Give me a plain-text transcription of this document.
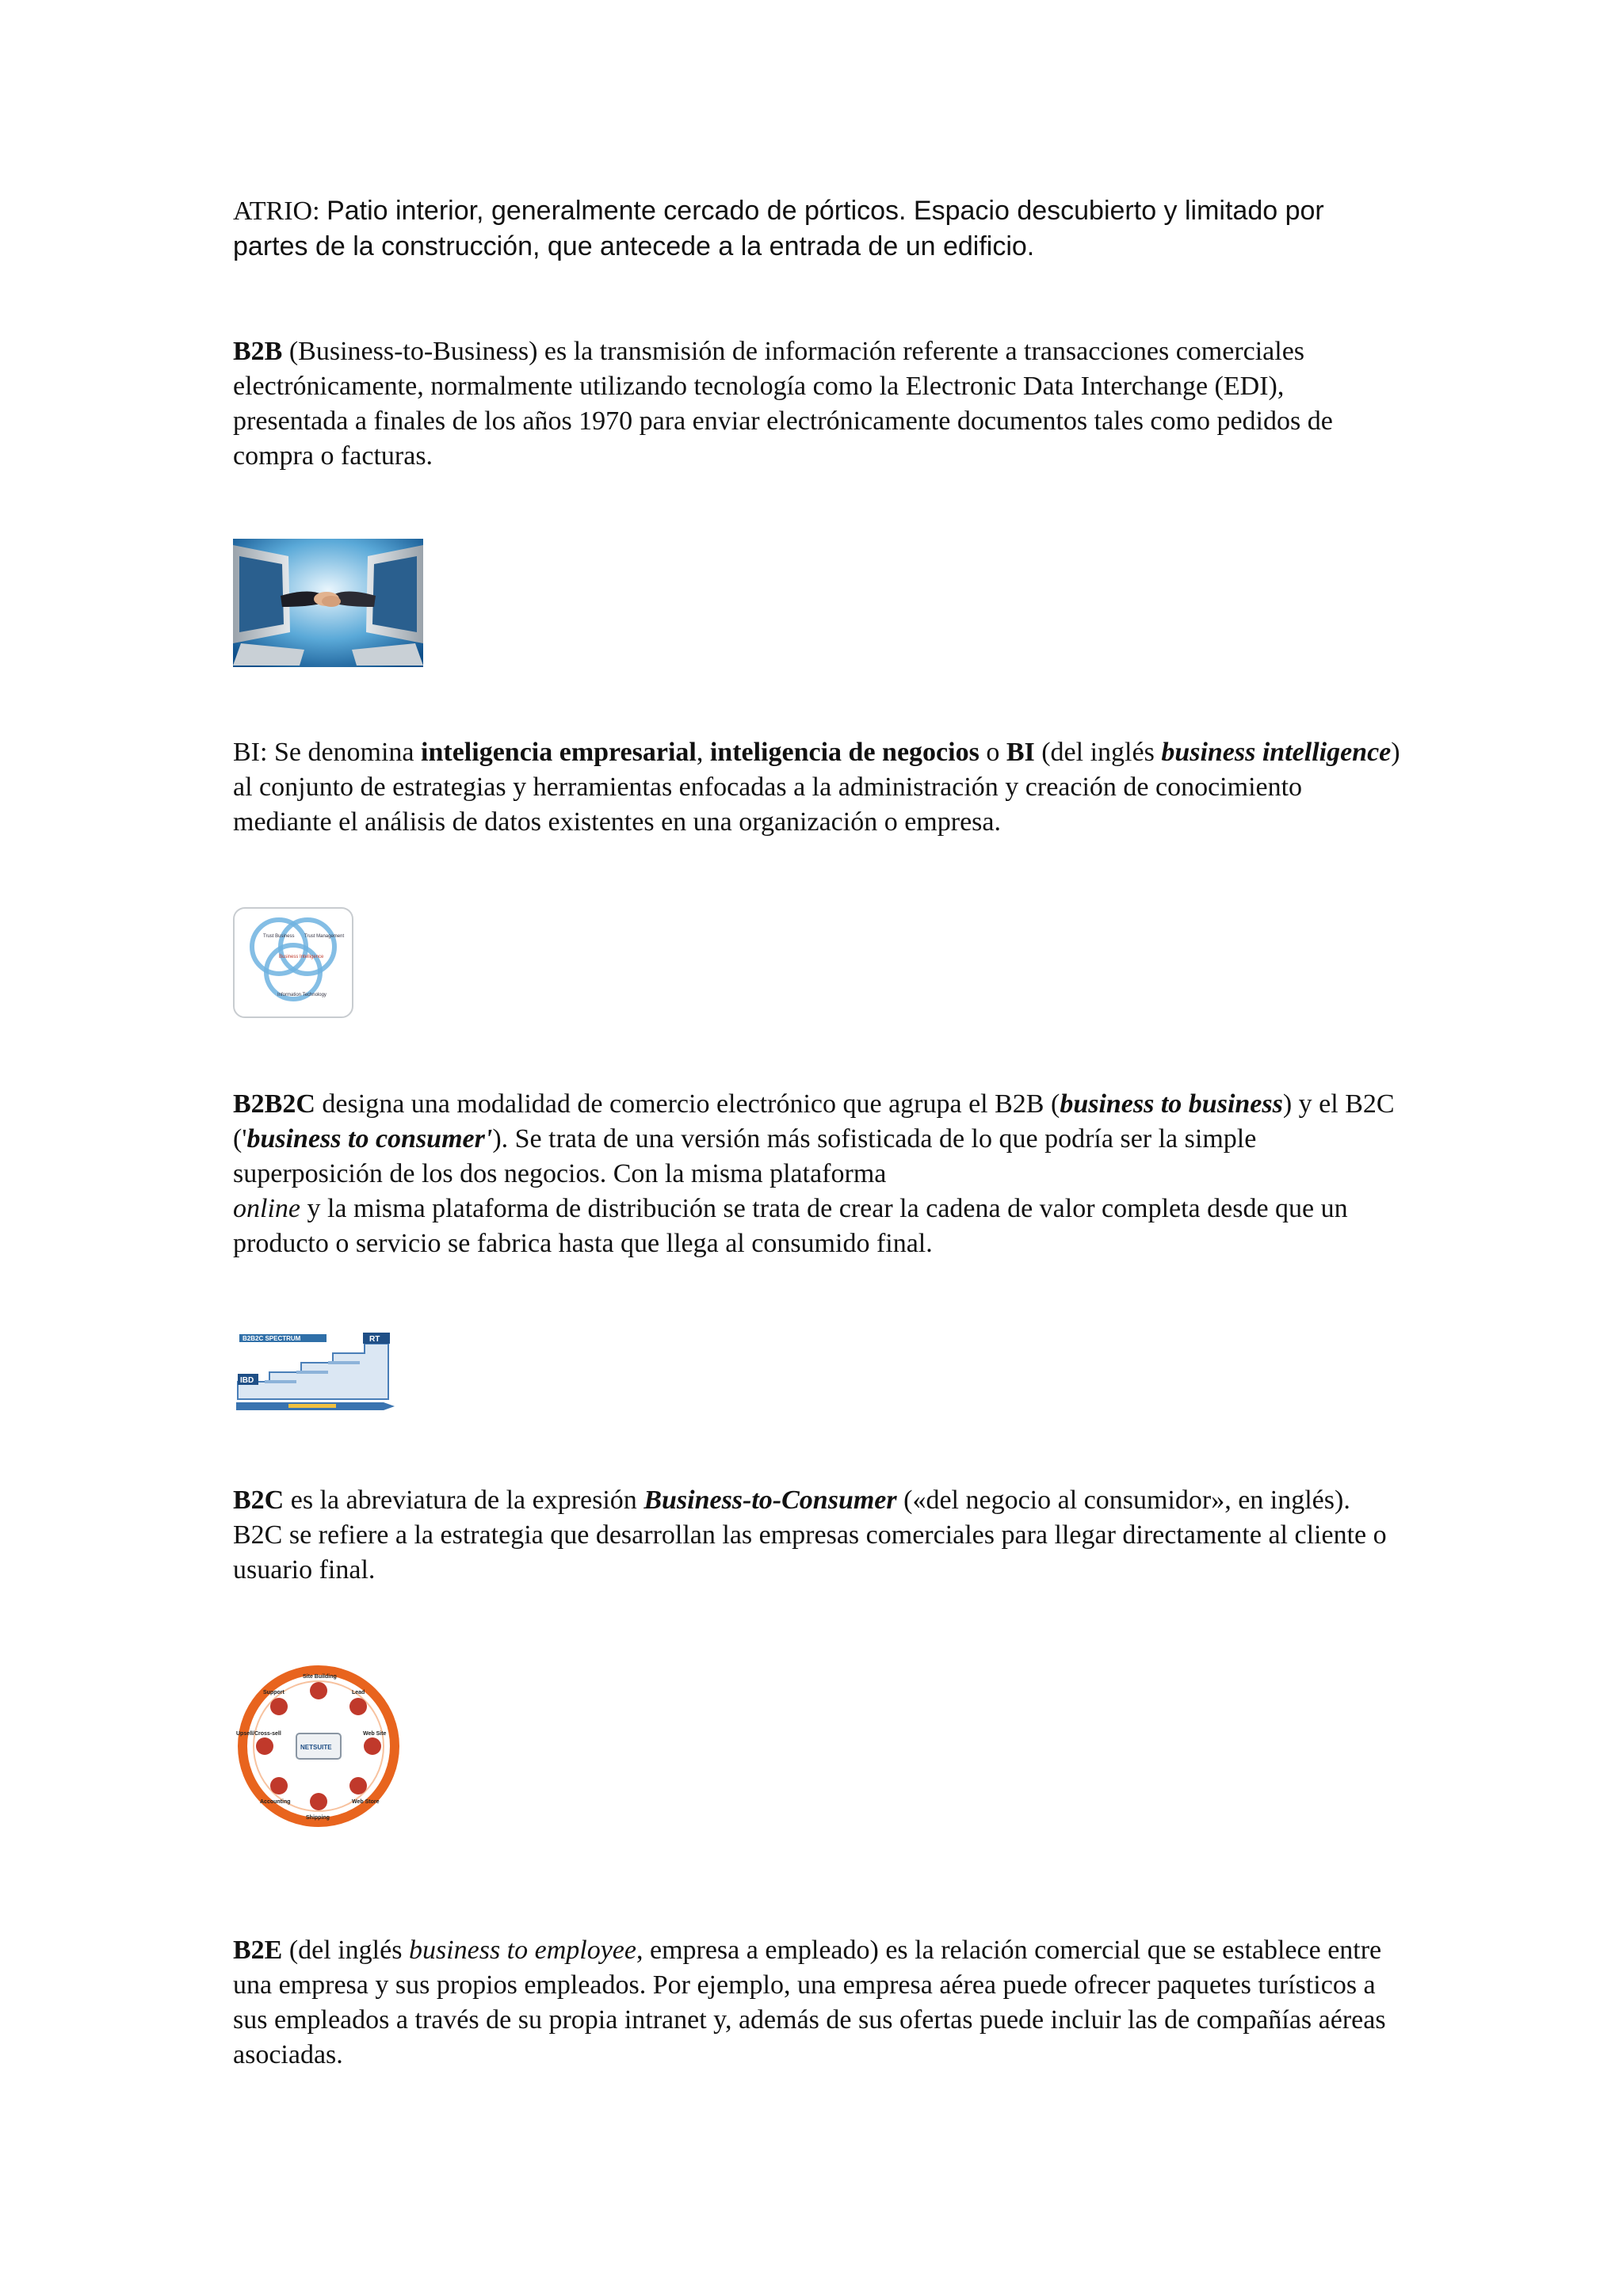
ATRIO: Patio interior, generalmente cercado de pórticos. Espacio descubierto y limitado por partes de la construcción, que antecede a la entrada de un edificio.

B2B (Business-to-Business) es la transmisión de información referente a transacciones comerciales electrónicamente, normalmente utilizando tecnología como la Electronic Data Interchange (EDI), presentada a finales de los años 1970 para enviar electrónicamente documentos tales como pedidos de compra o facturas.

BI: Se denomina inteligencia empresarial, inteligencia de negocios o BI (del inglés business intelligence) al conjunto de estrategias y herramientas enfocadas a la administración y creación de conocimiento mediante el análisis de datos existentes en una organización o empresa.

Trust Business Trust Management
Business Intelligence
Information Technology

B2B2C designa una modalidad de comercio electrónico que agrupa el B2B (business to business) y el B2C ('business to consumer'). Se trata de una versión más sofisticada de lo que podría ser la simple superposición de los dos negocios. Con la misma plataforma
online y la misma plataforma de distribución se trata de crear la cadena de valor completa desde que un producto o servicio se fabrica hasta que llega al consumido final.

B2B2C SPECTRUM	RT
IBD

B2C es la abreviatura de la expresión Business-to-Consumer («del negocio al consumidor», en inglés).
B2C se refiere a la estrategia que desarrollan las empresas comerciales para llegar directamente al cliente o usuario final.

NETSUITE
Site Building
Lead
Web Site
Web Store
Shipping
Accounting
Upsell/Cross-sell
Support

B2E (del inglés business to employee, empresa a empleado) es la relación comercial que se establece entre una empresa y sus propios empleados. Por ejemplo, una empresa aérea puede ofrecer paquetes turísticos a sus empleados a través de su propia intranet y, además de sus ofertas puede incluir las de compañías aéreas asociadas.
